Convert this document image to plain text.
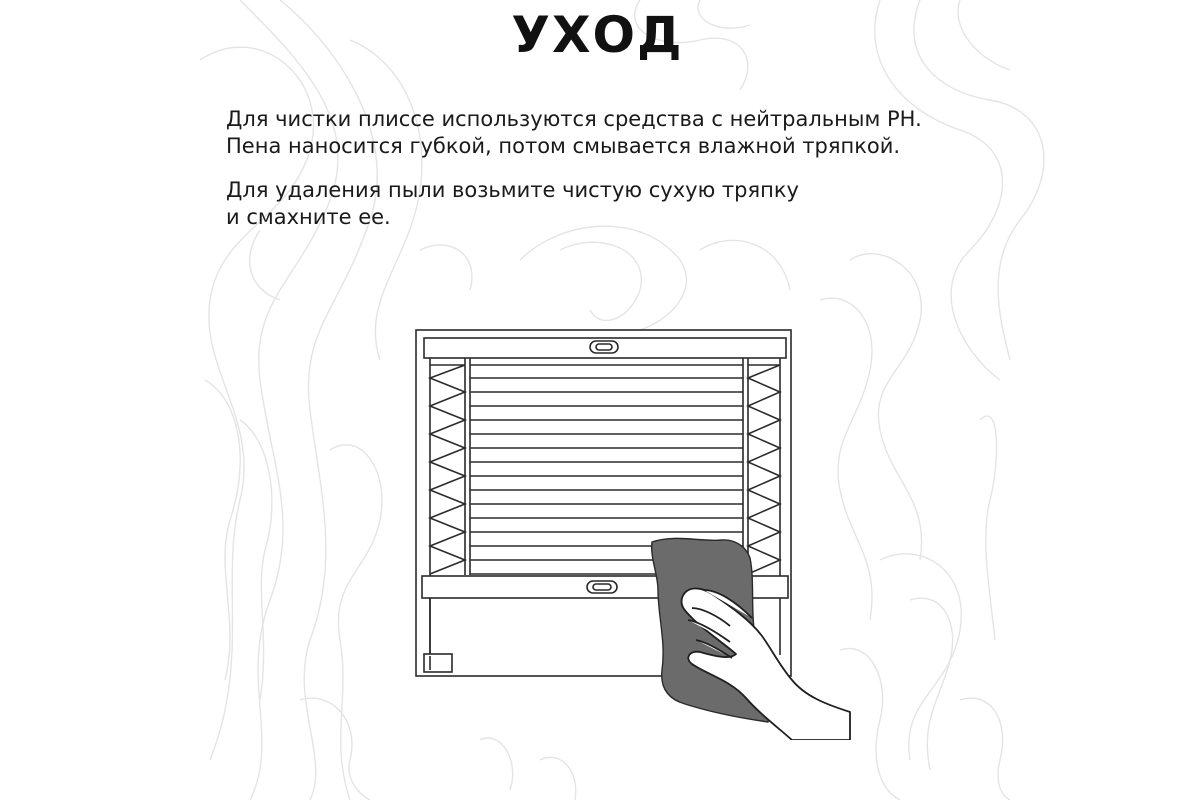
УХОД
Для чистки плиссе используются средства с нейтральным PH.
Пена наносится губкой, потом смывается влажной тряпкой.
Для удаления пыли возьмите чистую сухую тряпку
и смахните ее.
